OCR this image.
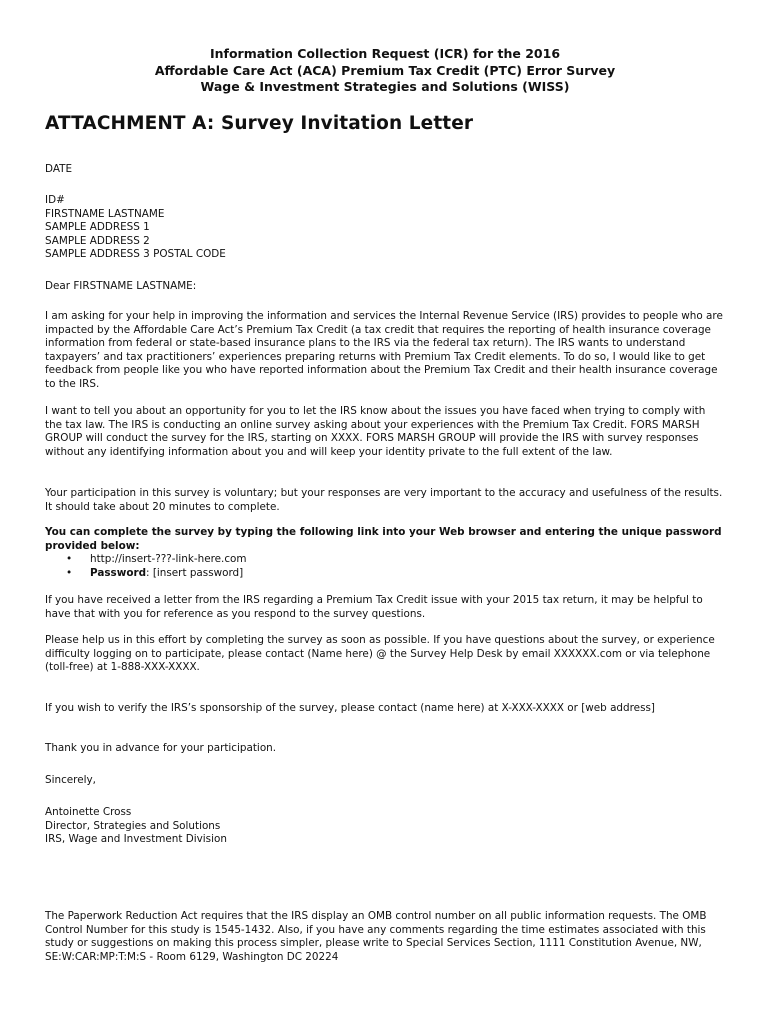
Information Collection Request (ICR) for the 2016
Affordable Care Act (ACA) Premium Tax Credit (PTC) Error Survey
Wage & Investment Strategies and Solutions (WISS)
ATTACHMENT A: Survey Invitation Letter

DATE

ID#

FIRSTNAME LASTNAME

SAMPLE ADDRESS 1

SAMPLE ADDRESS 2

SAMPLE ADDRESS 3 POSTAL CODE

Dear FIRSTNAME LASTNAME:

I am asking for your help in improving the information and services the Internal Revenue Service (IRS) provides to people who are impacted by the Affordable Care Act’s Premium Tax Credit (a tax credit that requires the reporting of health insurance coverage information from federal or state-based insurance plans to the IRS via the federal tax return). The IRS wants to understand taxpayers’ and tax practitioners’ experiences preparing returns with Premium Tax Credit elements. To do so, I would like to get feedback from people like you who have reported information about the Premium Tax Credit and their health insurance coverage to the IRS.

I want to tell you about an opportunity for you to let the IRS know about the issues you have faced when trying to comply with the tax law. The IRS is conducting an online survey asking about your experiences with the Premium Tax Credit. FORS MARSH GROUP will conduct the survey for the IRS, starting on XXXX. FORS MARSH GROUP will provide the IRS with survey responses without any identifying information about you and will keep your identity private to the full extent of the law.

Your participation in this survey is voluntary; but your responses are very important to the accuracy and usefulness of the results. It should take about 20 minutes to complete.

You can complete the survey by typing the following link into your Web browser and entering the unique password provided below:

• http://insert-???-link-here.com
• Password: [insert password]

If you have received a letter from the IRS regarding a Premium Tax Credit issue with your 2015 tax return, it may be helpful to have that with you for reference as you respond to the survey questions.

Please help us in this effort by completing the survey as soon as possible. If you have questions about the survey, or experience difficulty logging on to participate, please contact (Name here) @ the Survey Help Desk by email XXXXXX.com or via telephone (toll-free) at 1-888-XXX-XXXX.

If you wish to verify the IRS’s sponsorship of the survey, please contact (name here) at X-XXX-XXXX or [web address]

Thank you in advance for your participation.

Sincerely,

Antoinette Cross

Director, Strategies and Solutions

IRS, Wage and Investment Division

The Paperwork Reduction Act requires that the IRS display an OMB control number on all public information requests. The OMB Control Number for this study is 1545-1432. Also, if you have any comments regarding the time estimates associated with this study or suggestions on making this process simpler, please write to Special Services Section, 1111 Constitution Avenue, NW, SE:W:CAR:MP:T:M:S - Room 6129, Washington DC 20224
